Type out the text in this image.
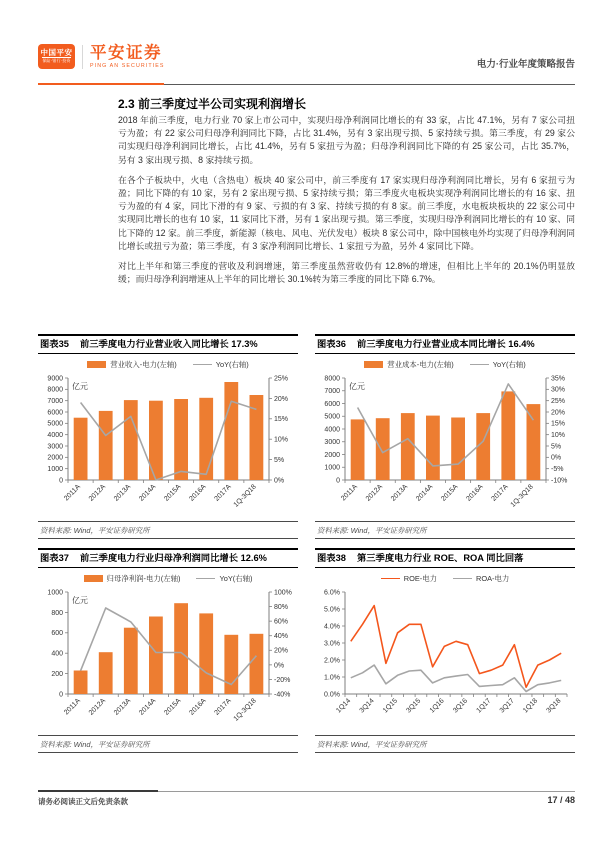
中国平安
保险·银行·投资 平安证券
PING AN SECURITIES	电力·行业年度策略报告
2.3 前三季度过半公司实现利润增长

2018 年前三季度，电力行业 70 家上市公司中，实现归母净利润同比增长的有 33 家，占比 47.1%，另有 7 家公司扭亏为盈；有 22 家公司归母净利润同比下降，占比 31.4%，另有 3 家出现亏损、5 家持续亏损。第三季度，有 29 家公司实现归母净利润同比增长，占比 41.4%，另有 5 家扭亏为盈；归母净利润同比下降的有 25 家公司，占比 35.7%，另有 3 家出现亏损、8 家持续亏损。

在各个子板块中，火电（含热电）板块 40 家公司中，前三季度有 17 家实现归母净利润同比增长，另有 6 家扭亏为盈；同比下降的有 10 家，另有 2 家出现亏损、5 家持续亏损；第三季度火电板块实现净利润同比增长的有 16 家、扭亏为盈的有 4 家，同比下滑的有 9 家、亏损的有 3 家、持续亏损的有 8 家。前三季度，水电板块板块的 22 家公司中实现同比增长的也有 10 家，11 家同比下滑，另有 1 家出现亏损。第三季度，实现归母净利润同比增长的有 10 家、同比下降的 12 家。前三季度，新能源（核电、风电、光伏发电）板块 8 家公司中，除中国核电外均实现了归母净利润同比增长或扭亏为盈；第三季度，有 3 家净利润同比增长、1 家扭亏为盈，另外 4 家同比下降。

对比上半年和第三季度的营收及利润增速，第三季度虽然营收仍有 12.8%的增速，但相比上半年的 20.1%仍明显放缓；而归母净利润增速从上半年的同比增长 30.1%转为第三季度的同比下降 6.7%。

图表35 前三季度电力行业营业收入同比增长 17.3%
营业收入-电力(左轴)	YoY(右轴)
0
1000
2000
3000
4000
5000
6000
7000
8000
9000
0%
5%
10%
15%
20%
25%
亿元
2011A 2012A 2013A 2014A 2015A 2016A 2017A 1Q-3Q18
资料来源: Wind，平安证券研究所
图表36 前三季度电力行业营业成本同比增长 16.4%
营业成本-电力(左轴)	YoY(右轴)
0
1000
2000
3000
4000
5000
6000
7000
8000
-10%
-5%
0%
5%
10%
15%
20%
25%
30%
35%
亿元
2011A 2012A 2013A 2014A 2015A 2016A 2017A 1Q-3Q18
资料来源: Wind，平安证券研究所
图表37 前三季度电力行业归母净利润同比增长 12.6%
归母净利润-电力(左轴)	YoY(右轴)
0
200
400
600
800
1000
-40%
-20%
0%
20%
40%
60%
80%
100%
亿元
2011A 2012A 2013A 2014A 2015A 2016A 2017A 1Q-3Q18
资料来源: Wind，平安证券研究所
图表38 第三季度电力行业 ROE、ROA 同比回落
ROE-电力	ROA-电力
0.0%
1.0%
2.0%
3.0%
4.0%
5.0%
6.0%
1Q14 3Q14 1Q15 3Q15 1Q16 3Q16 1Q17 3Q17 1Q18 3Q18
资料来源: Wind，平安证券研究所
请务必阅读正文后免责条款	17 / 48
